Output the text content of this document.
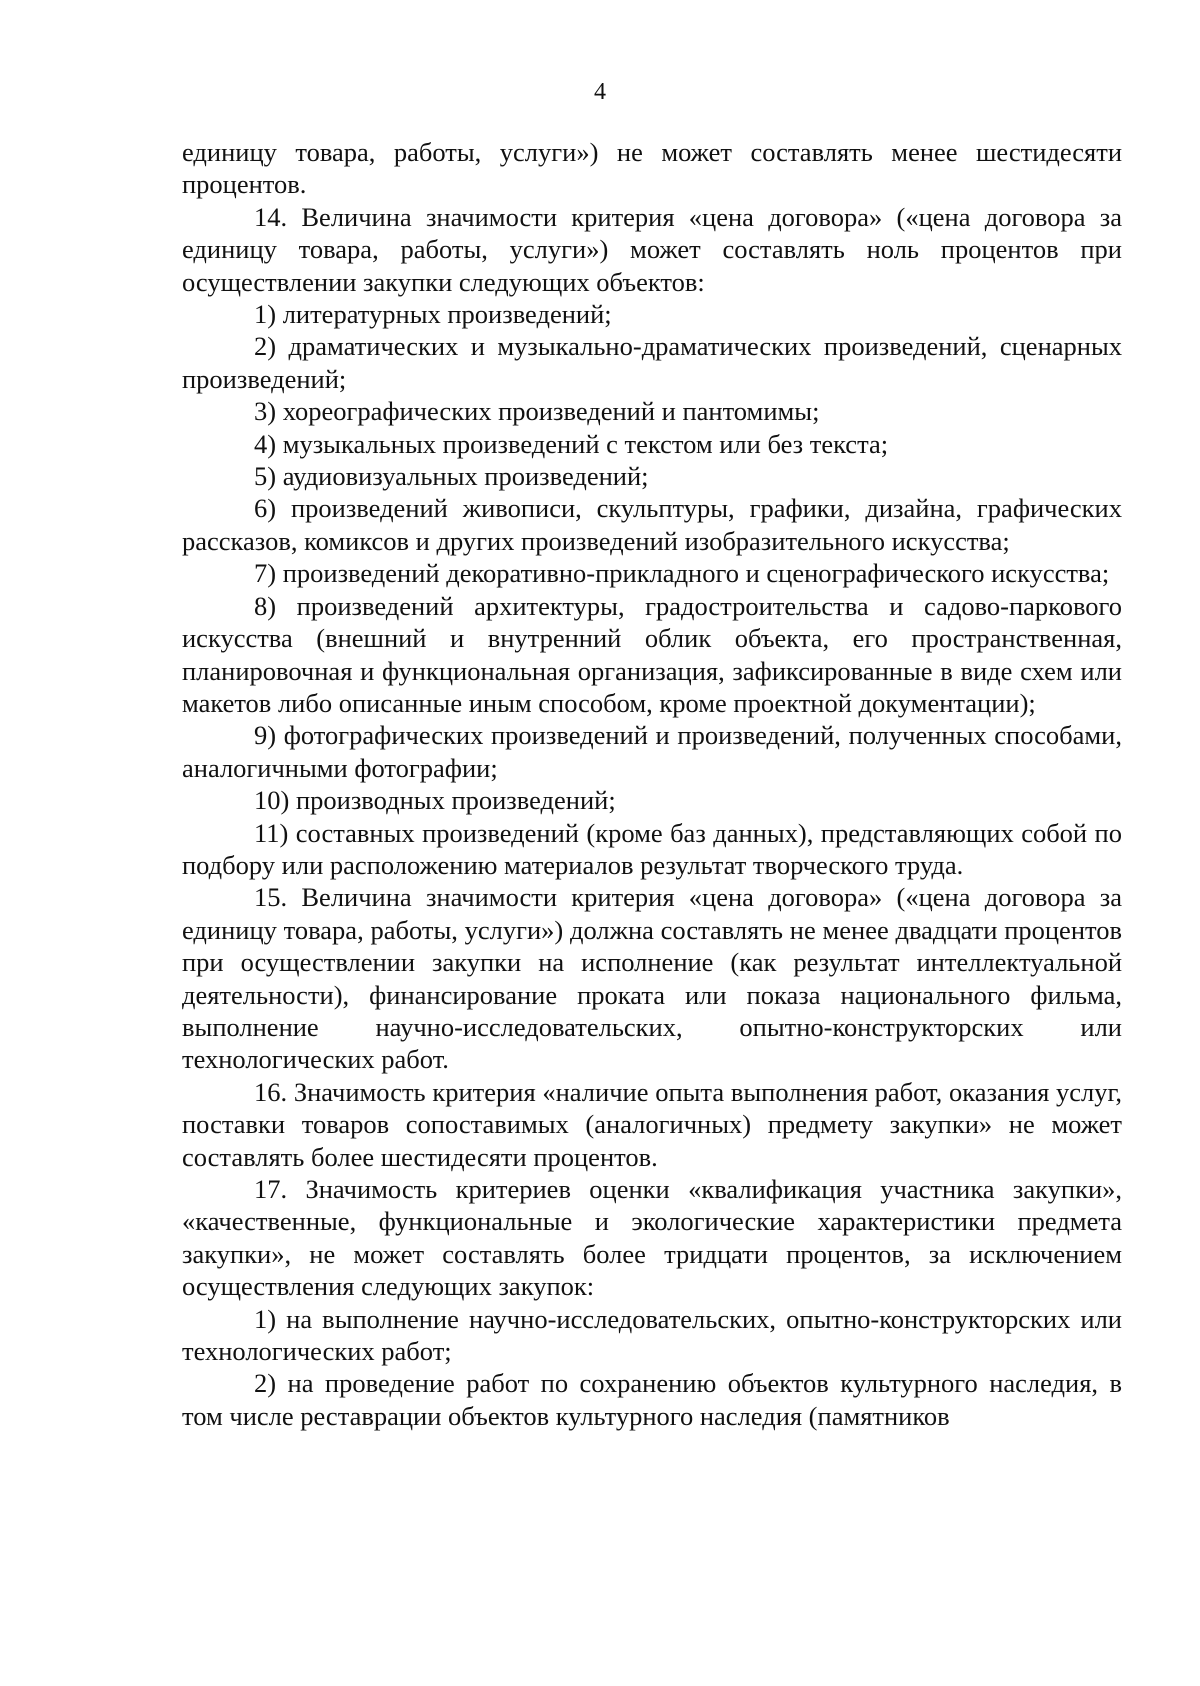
4

единицу товара, работы, услуги») не может составлять менее шестидесяти процентов.

14. Величина значимости критерия «цена договора» («цена договора за единицу товара, работы, услуги») может составлять ноль процентов при осуществлении закупки следующих объектов:

1) литературных произведений;

2) драматических и музыкально-драматических произведений, сценарных произведений;

3) хореографических произведений и пантомимы;

4) музыкальных произведений с текстом или без текста;

5) аудиовизуальных произведений;

6) произведений живописи, скульптуры, графики, дизайна, графических рассказов, комиксов и других произведений изобразительного искусства;

7) произведений декоративно-прикладного и сценографического искусства;

8) произведений архитектуры, градостроительства и садово-паркового искусства (внешний и внутренний облик объекта, его пространственная, планировочная и функциональная организация, зафиксированные в виде схем или макетов либо описанные иным способом, кроме проектной документации);

9) фотографических произведений и произведений, полученных способами, аналогичными фотографии;

10) производных произведений;

11) составных произведений (кроме баз данных), представляющих собой по подбору или расположению материалов результат творческого труда.

15. Величина значимости критерия «цена договора» («цена договора за единицу товара, работы, услуги») должна составлять не менее двадцати процентов при осуществлении закупки на исполнение (как результат интеллектуальной деятельности), финансирование проката или показа национального фильма, выполнение научно-исследовательских, опытно-конструкторских или технологических работ.

16. Значимость критерия «наличие опыта выполнения работ, оказания услуг, поставки товаров сопоставимых (аналогичных) предмету закупки» не может составлять более шестидесяти процентов.

17. Значимость критериев оценки «квалификация участника закупки», «качественные, функциональные и экологические характеристики предмета закупки», не может составлять более тридцати процентов, за исключением осуществления следующих закупок:

1) на выполнение научно-исследовательских, опытно-конструкторских или технологических работ;

2) на проведение работ по сохранению объектов культурного наследия, в том числе реставрации объектов культурного наследия (памятников
